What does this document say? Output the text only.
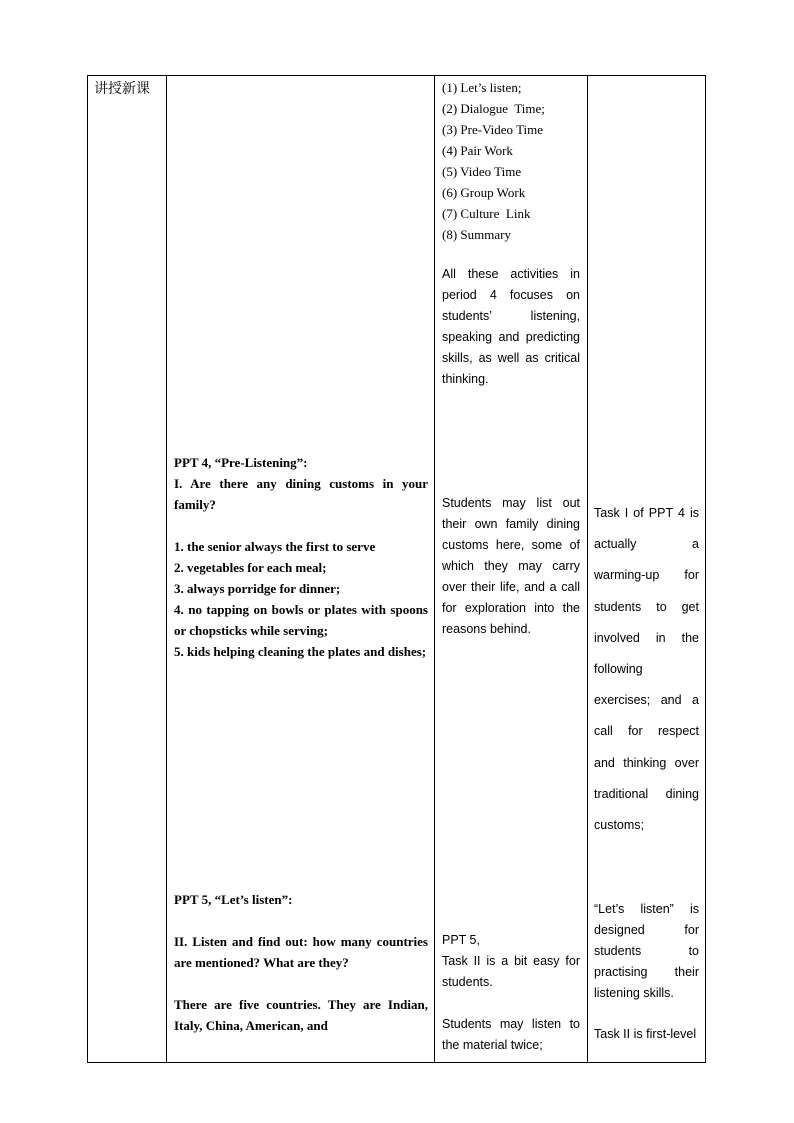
讲授新课

PPT 4, “Pre-Listening”:

I. Are there any dining customs in your family?

1. the senior always the first to serve

2. vegetables for each meal;

3. always porridge for dinner;

4. no tapping on bowls or plates with spoons or chopsticks while serving;

5. kids helping cleaning the plates and dishes;

PPT 5, “Let’s listen”:

II. Listen and find out: how many countries are mentioned? What are they?

There are five countries. They are Indian, Italy, China, American, and

(1) Let’s listen;

(2) Dialogue  Time;

(3) Pre-Video Time

(4) Pair Work

(5) Video Time

(6) Group Work

(7) Culture  Link

(8) Summary

All these activities in period 4 focuses on students’ listening, speaking and predicting skills, as well as critical thinking.

Students may list out their own family dining customs here, some of which they may carry over their life, and a call for exploration into the reasons behind.

PPT 5,

Task II is a bit easy for students.

Students may listen to the material twice;

Task I of PPT 4 is actually a warming-up for students to get involved in the following exercises; and a call for respect and thinking over traditional dining customs;

“Let’s listen” is designed for students to practising their listening skills.

Task II is first-level
